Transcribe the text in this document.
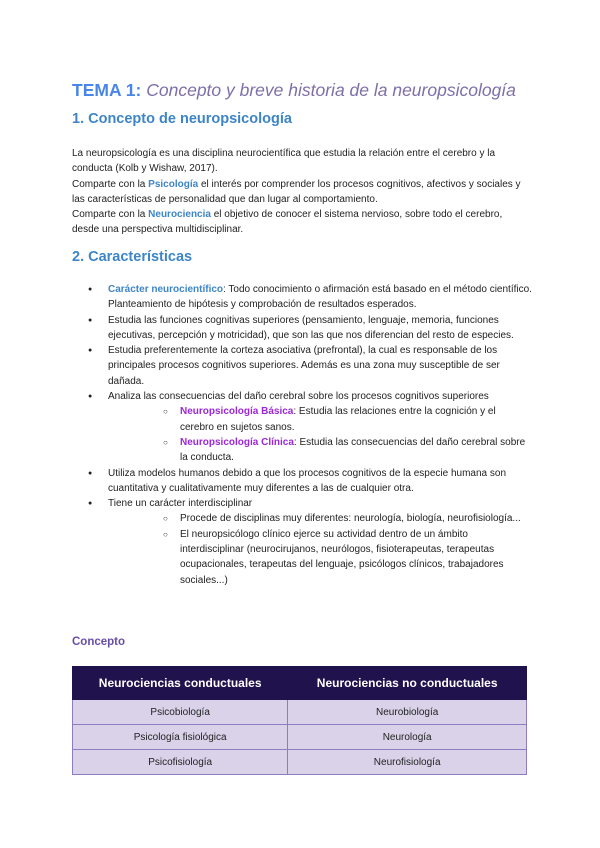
TEMA 1: Concepto y breve historia de la neuropsicología
1. Concepto de neuropsicología

La neuropsicología es una disciplina neurocientífica que estudia la relación entre el cerebro y la conducta (Kolb y Wishaw, 2017).

Comparte con la Psicología el interés por comprender los procesos cognitivos, afectivos y sociales y las características de personalidad que dan lugar al comportamiento.

Comparte con la Neurociencia el objetivo de conocer el sistema nervioso, sobre todo el cerebro, desde una perspectiva multidisciplinar.

2. Características
● Carácter neurocientífico: Todo conocimiento o afirmación está basado en el método científico. Planteamiento de hipótesis y comprobación de resultados esperados.
● Estudia las funciones cognitivas superiores (pensamiento, lenguaje, memoria, funciones ejecutivas, percepción y motricidad), que son las que nos diferencian del resto de especies.
● Estudia preferentemente la corteza asociativa (prefrontal), la cual es responsable de los principales procesos cognitivos superiores. Además es una zona muy susceptible de ser dañada.
● Analiza las consecuencias del daño cerebral sobre los procesos cognitivos superiores
○ Neuropsicología Básica: Estudia las relaciones entre la cognición y el cerebro en sujetos sanos.
○ Neuropsicología Clínica: Estudia las consecuencias del daño cerebral sobre la conducta.
● Utiliza modelos humanos debido a que los procesos cognitivos de la especie humana son cuantitativa y cualitativamente muy diferentes a las de cualquier otra.
● Tiene un carácter interdisciplinar
○ Procede de disciplinas muy diferentes: neurología, biología, neurofisiología...
○ El neuropsicólogo clínico ejerce su actividad dentro de un ámbito interdisciplinar (neurocirujanos, neurólogos, fisioterapeutas, terapeutas ocupacionales, terapeutas del lenguaje, psicólogos clínicos, trabajadores sociales...)
Concepto
Neurociencias conductuales	Neurociencias no conductuales
Psicobiología	Neurobiología
Psicología fisiológica	Neurología
Psicofisiología	Neurofisiología
